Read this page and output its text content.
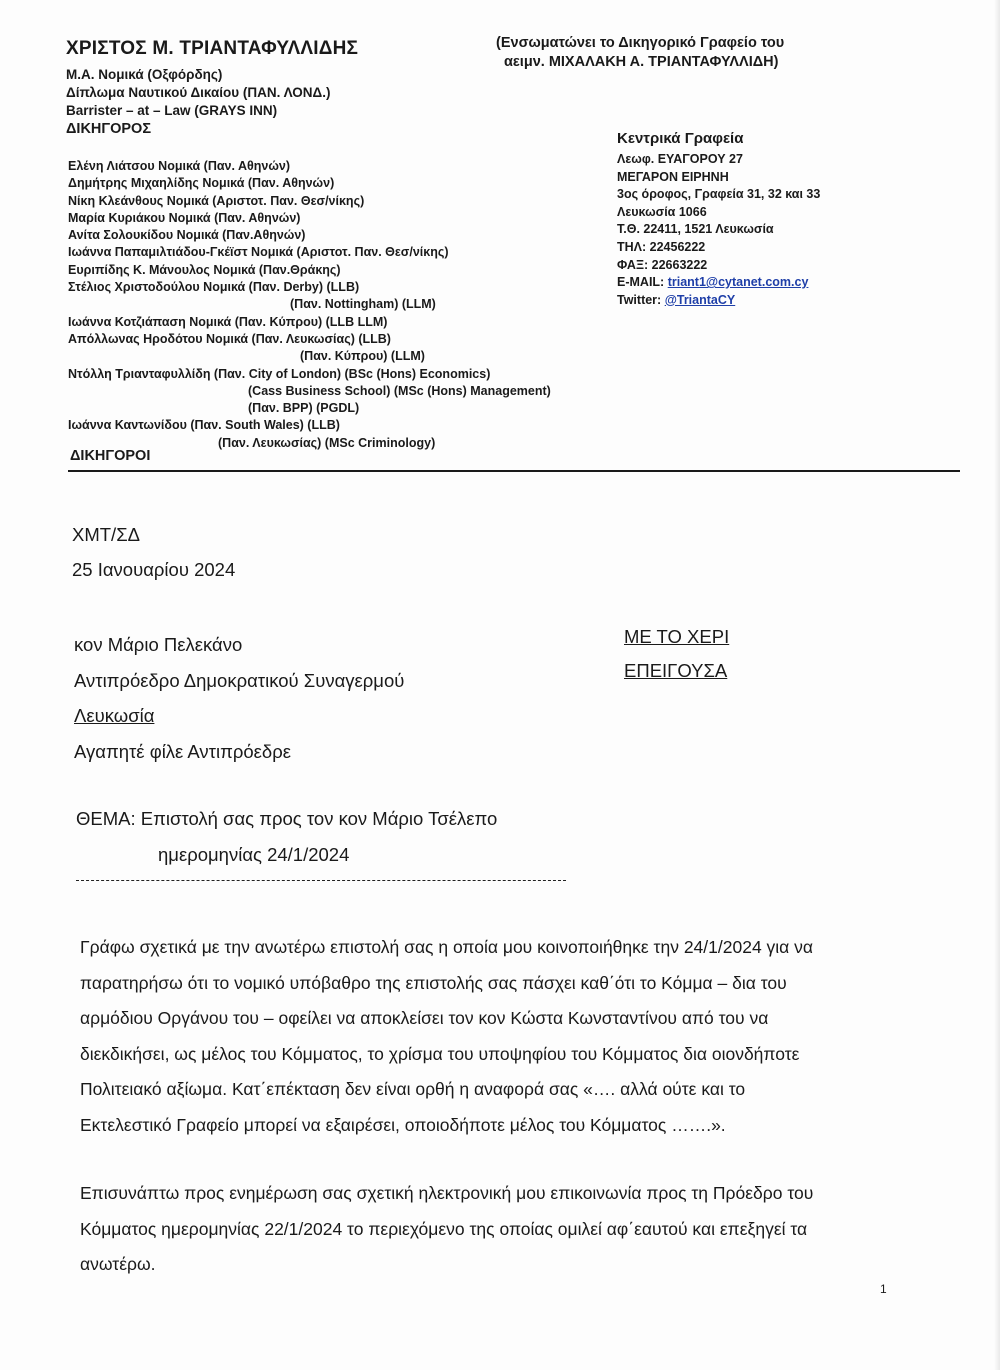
ΧΡΙΣΤΟΣ Μ. ΤΡΙΑΝΤΑΦΥΛΛΙΔΗΣ
M.A. Νομικά (Οξφόρδης)
Δίπλωμα Ναυτικού Δικαίου (ΠΑΝ. ΛΟΝΔ.)
Barrister – at – Law (GRAYS INN)
ΔΙΚΗΓΟΡΟΣ
(Ενσωματώνει το Δικηγορικό Γραφείο του
αειμν. ΜΙΧΑΛΑΚΗ Α. ΤΡΙΑΝΤΑΦΥΛΛΙΔΗ)
Κεντρικά Γραφεία
Λεωφ. ΕΥΑΓΟΡΟΥ 27
ΜΕΓΑΡΟΝ ΕΙΡΗΝΗ
3ος όροφος, Γραφεία 31, 32 και 33
Λευκωσία 1066
Τ.Θ. 22411, 1521 Λευκωσία
ΤΗΛ: 22456222
ΦΑΞ: 22663222
E-MAIL: triant1@cytanet.com.cy
Twitter: @TriantaCY
Ελένη Λιάτσου Νομικά (Παν. Αθηνών)
Δημήτρης Μιχαηλίδης Νομικά (Παν. Αθηνών)
Νίκη Κλεάνθους Νομικά (Αριστοτ. Παν. Θεσ/νίκης)
Μαρία Κυριάκου Νομικά (Παν. Αθηνών)
Ανίτα Σολουκίδου Νομικά (Παν.Αθηνών)
Ιωάννα Παπαμιλτιάδου-Γκέϊστ Νομικά (Αριστοτ. Παν. Θεσ/νίκης)
Ευριπίδης Κ. Μάνουλος Νομικά (Παν.Θράκης)
Στέλιος Χριστοδούλου Νομικά (Παν. Derby) (LLB)
(Παν. Nottingham) (LLM)
Ιωάννα Κοτζιάπαση Νομικά (Παν. Κύπρου) (LLB LLM)
Απόλλωνας Ηροδότου Νομικά (Παν. Λευκωσίας) (LLB)
(Παν. Κύπρου) (LLM)
Ντόλλη Τριανταφυλλίδη (Παν. City of London) (BSc (Hons) Economics)
(Cass Business School) (MSc (Hons) Management)
(Παν. BPP) (PGDL)
Ιωάννα Καντωνίδου (Παν. South Wales) (LLB)
(Παν. Λευκωσίας) (MSc Criminology)
ΔΙΚΗΓΟΡΟΙ
ΧΜΤ/ΣΔ
25 Ιανουαρίου 2024
κον Μάριο Πελεκάνο
Αντιπρόεδρο Δημοκρατικού Συναγερμού
Λευκωσία
Αγαπητέ φίλε Αντιπρόεδρε
ΜΕ ΤΟ ΧΕΡΙ
ΕΠΕΙΓΟΥΣΑ
ΘΕΜΑ: Επιστολή σας προς τον κον Μάριο Τσέλεπο
ημερομηνίας 24/1/2024
Γράφω σχετικά με την ανωτέρω επιστολή σας η οποία μου κοινοποιήθηκε την 24/1/2024 για να
παρατηρήσω ότι το νομικό υπόβαθρο της επιστολής σας πάσχει καθ΄ότι το Κόμμα – δια του
αρμόδιου Οργάνου του – οφείλει να αποκλείσει τον κον Κώστα Κωνσταντίνου από του να
διεκδικήσει, ως μέλος του Κόμματος, το χρίσμα του υποψηφίου του Κόμματος δια οιονδήποτε
Πολιτειακό αξίωμα. Κατ΄επέκταση δεν είναι ορθή η αναφορά σας «…. αλλά ούτε και το
Εκτελεστικό Γραφείο μπορεί να εξαιρέσει, οποιοδήποτε μέλος του Κόμματος …….».
Επισυνάπτω προς ενημέρωση σας σχετική ηλεκτρονική μου επικοινωνία προς τη Πρόεδρο του
Κόμματος ημερομηνίας 22/1/2024 το περιεχόμενο της οποίας ομιλεί αφ΄εαυτού και επεξηγεί τα
ανωτέρω.
1
